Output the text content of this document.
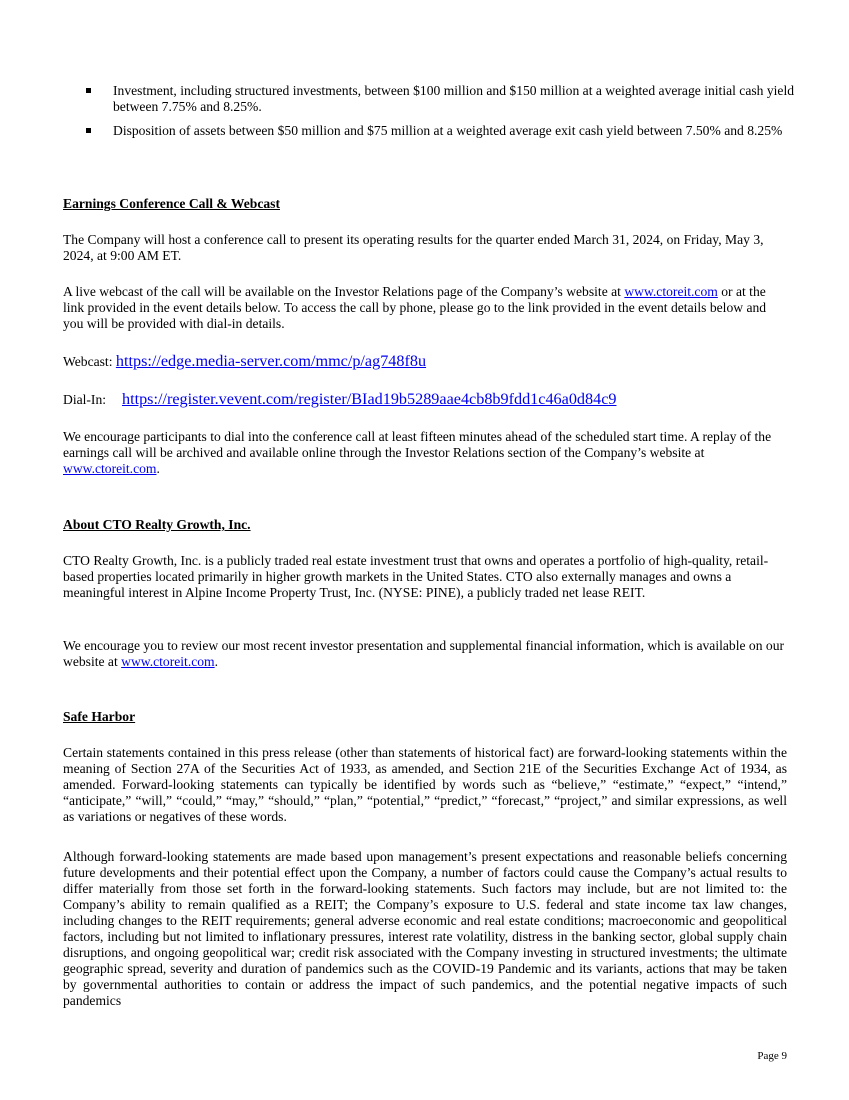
Investment, including structured investments, between $100 million and $150 million at a weighted average initial cash yield between 7.75% and 8.25%.
Disposition of assets between $50 million and $75 million at a weighted average exit cash yield between 7.50% and 8.25%
Earnings Conference Call & Webcast
The Company will host a conference call to present its operating results for the quarter ended March 31, 2024, on Friday, May 3, 2024, at 9:00 AM ET.
A live webcast of the call will be available on the Investor Relations page of the Company’s website at www.ctoreit.com or at the link provided in the event details below. To access the call by phone, please go to the link provided in the event details below and you will be provided with dial-in details.
Webcast: https://edge.media-server.com/mmc/p/ag748f8u
Dial-In:https://register.vevent.com/register/BIad19b5289aae4cb8b9fdd1c46a0d84c9
We encourage participants to dial into the conference call at least fifteen minutes ahead of the scheduled start time. A replay of the earnings call will be archived and available online through the Investor Relations section of the Company’s website at www.ctoreit.com.
About CTO Realty Growth, Inc.
CTO Realty Growth, Inc. is a publicly traded real estate investment trust that owns and operates a portfolio of high-quality, retail-based properties located primarily in higher growth markets in the United States. CTO also externally manages and owns a meaningful interest in Alpine Income Property Trust, Inc. (NYSE: PINE), a publicly traded net lease REIT.
We encourage you to review our most recent investor presentation and supplemental financial information, which is available on our website at www.ctoreit.com.
Safe Harbor
Certain statements contained in this press release (other than statements of historical fact) are forward-looking statements within the meaning of Section 27A of the Securities Act of 1933, as amended, and Section 21E of the Securities Exchange Act of 1934, as amended. Forward-looking statements can typically be identified by words such as “believe,” “estimate,” “expect,” “intend,” “anticipate,” “will,” “could,” “may,” “should,” “plan,” “potential,” “predict,” “forecast,” “project,” and similar expressions, as well as variations or negatives of these words.
Although forward-looking statements are made based upon management’s present expectations and reasonable beliefs concerning future developments and their potential effect upon the Company, a number of factors could cause the Company’s actual results to differ materially from those set forth in the forward-looking statements. Such factors may include, but are not limited to: the Company’s ability to remain qualified as a REIT; the Company’s exposure to U.S. federal and state income tax law changes, including changes to the REIT requirements; general adverse economic and real estate conditions; macroeconomic and geopolitical factors, including but not limited to inflationary pressures, interest rate volatility, distress in the banking sector, global supply chain disruptions, and ongoing geopolitical war; credit risk associated with the Company investing in structured investments; the ultimate geographic spread, severity and duration of pandemics such as the COVID-19 Pandemic and its variants, actions that may be taken by governmental authorities to contain or address the impact of such pandemics, and the potential negative impacts of such pandemics
Page 9
